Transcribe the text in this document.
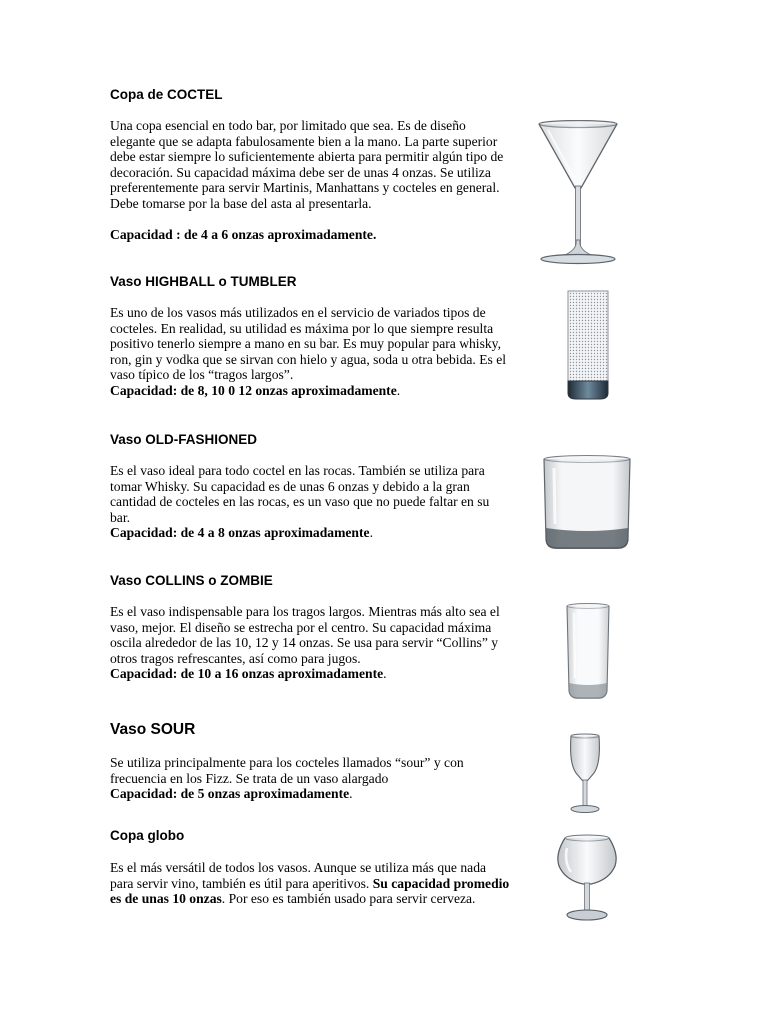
Copa de COCTEL

Una copa esencial en todo bar, por limitado que sea. Es de diseño elegante que se adapta fabulosamente bien a la mano. La parte superior debe estar siempre lo suficientemente abierta para permitir algún tipo de decoración. Su capacidad máxima debe ser de unas 4 onzas. Se utiliza preferentemente para servir Martinis, Manhattans y cocteles en general. Debe tomarse por la base del asta al presentarla.

Capacidad : de 4 a 6 onzas aproximadamente.

Vaso HIGHBALL o TUMBLER

Es uno de los vasos más utilizados en el servicio de variados tipos de cocteles. En realidad, su utilidad es máxima por lo que siempre resulta positivo tenerlo siempre a mano en su bar. Es muy popular para whisky, ron, gin y vodka que se sirvan con hielo y agua, soda u otra bebida. Es el vaso típico de los “tragos largos”.

Capacidad: de 8, 10 0 12 onzas aproximadamente.

Vaso OLD-FASHIONED

Es el vaso ideal para todo coctel en las rocas. También se utiliza para tomar Whisky. Su capacidad es de unas 6 onzas y debido a la gran cantidad de cocteles en las rocas, es un vaso que no puede faltar en su bar.

Capacidad: de 4 a 8 onzas aproximadamente.

Vaso COLLINS o ZOMBIE

Es el vaso indispensable para los tragos largos. Mientras más alto sea el vaso, mejor. El diseño se estrecha por el centro. Su capacidad máxima oscila alrededor de las 10, 12 y 14 onzas. Se usa para servir “Collins” y otros tragos refrescantes, así como para jugos.

Capacidad: de 10 a 16 onzas aproximadamente.

Vaso SOUR

Se utiliza principalmente para los cocteles llamados “sour” y con frecuencia en los Fizz. Se trata de un vaso alargado

Capacidad: de 5 onzas aproximadamente.

Copa globo

Es el más versátil de todos los vasos. Aunque se utiliza más que nada para servir vino, también es útil para aperitivos. Su capacidad promedio es de unas 10 onzas. Por eso es también usado para servir cerveza.
